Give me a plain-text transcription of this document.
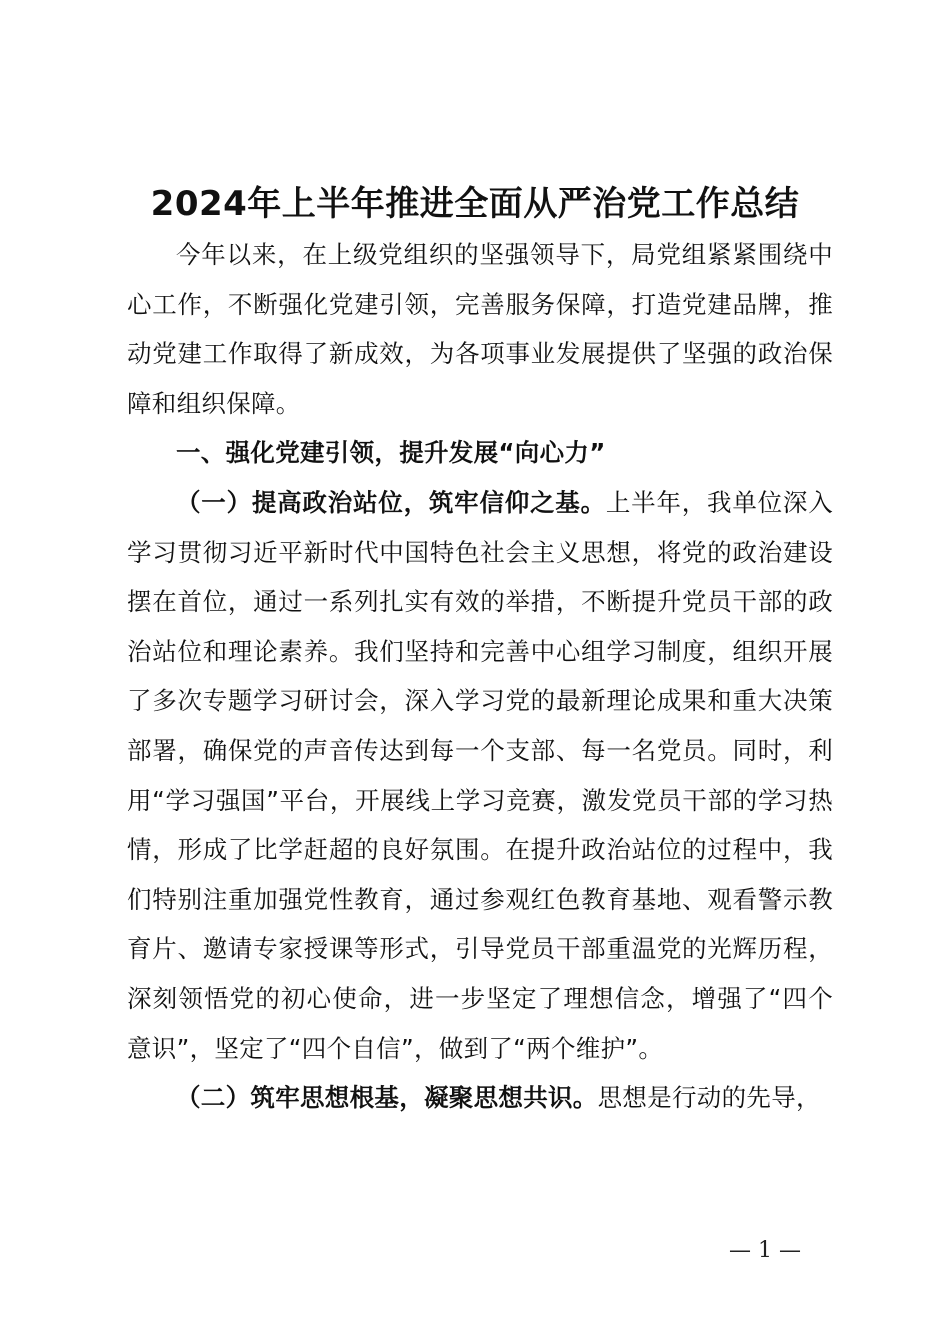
2024年上半年推进全面从严治党工作总结

今年以来，在上级党组织的坚强领导下，局党组紧紧围绕中心工作，不断强化党建引领，完善服务保障，打造党建品牌，推动党建工作取得了新成效，为各项事业发展提供了坚强的政治保障和组织保障。

一、强化党建引领，提升发展“向心力”

（一）提高政治站位，筑牢信仰之基。上半年，我单位深入学习贯彻习近平新时代中国特色社会主义思想，将党的政治建设摆在首位，通过一系列扎实有效的举措，不断提升党员干部的政治站位和理论素养。我们坚持和完善中心组学习制度，组织开展了多次专题学习研讨会，深入学习党的最新理论成果和重大决策部署，确保党的声音传达到每一个支部、每一名党员。同时，利用“学习强国”平台，开展线上学习竞赛，激发党员干部的学习热情，形成了比学赶超的良好氛围。在提升政治站位的过程中，我们特别注重加强党性教育，通过参观红色教育基地、观看警示教育片、邀请专家授课等形式，引导党员干部重温党的光辉历程，深刻领悟党的初心使命，进一步坚定了理想信念，增强了“四个意识”，坚定了“四个自信”，做到了“两个维护”。

（二）筑牢思想根基，凝聚思想共识。思想是行动的先导，

— 1 —
